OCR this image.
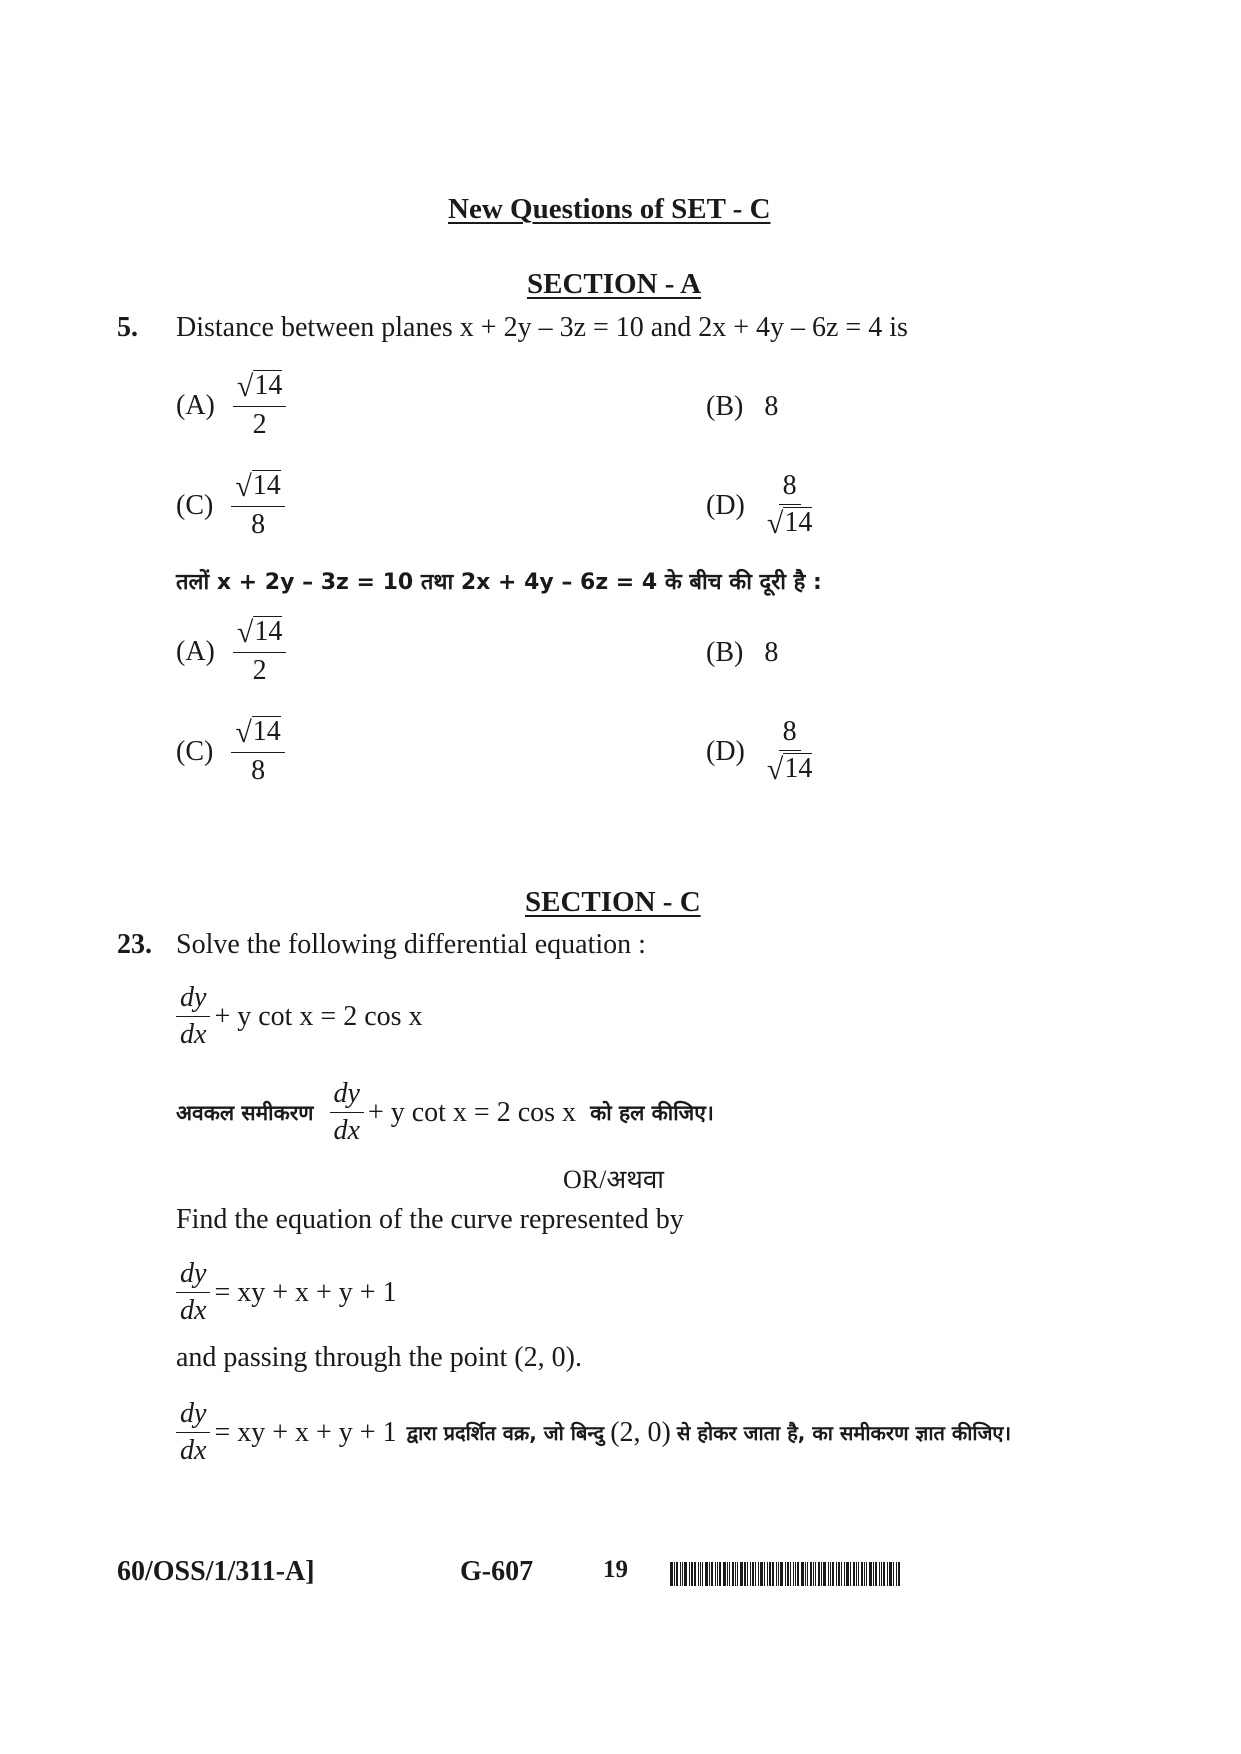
New Questions of SET - C
SECTION - A
5. Distance between planes x + 2y – 3z = 10 and 2x + 4y – 6z = 4 is
$(A) \frac{√ 14}{2}$	(B) 8
$(C) \frac{√ 14}{8}$	$(D) \frac{8}{√ 14}$
तलों x + 2y – 3z = 10 तथा 2x + 4y – 6z = 4 के बीच की दूरी है :
$(A) \frac{√ 14}{2}$	(B) 8
$(C) \frac{√ 14}{8}$	$(D) \frac{8}{√ 14}$
SECTION - C
23. Solve the following differential equation :
$\frac{dy}{dx} + y$ cot x = 2 cos x
अवकल समीकरण $\frac{dy}{dx} + y$ cot x = 2 cos x को हल कीजिए।
OR/अथवा
Find the equation of the curve represented by
$\frac{dy}{dx}$ = xy + x + y + 1
and passing through the point (2, 0).
$\frac{dy}{dx}$ = xy + x + y + 1 द्वारा प्रदर्शित वक्र, जो बिन्दु (2, 0) से होकर जाता है, का समीकरण ज्ञात कीजिए।
60/OSS/1/311-A]	G-607	19
